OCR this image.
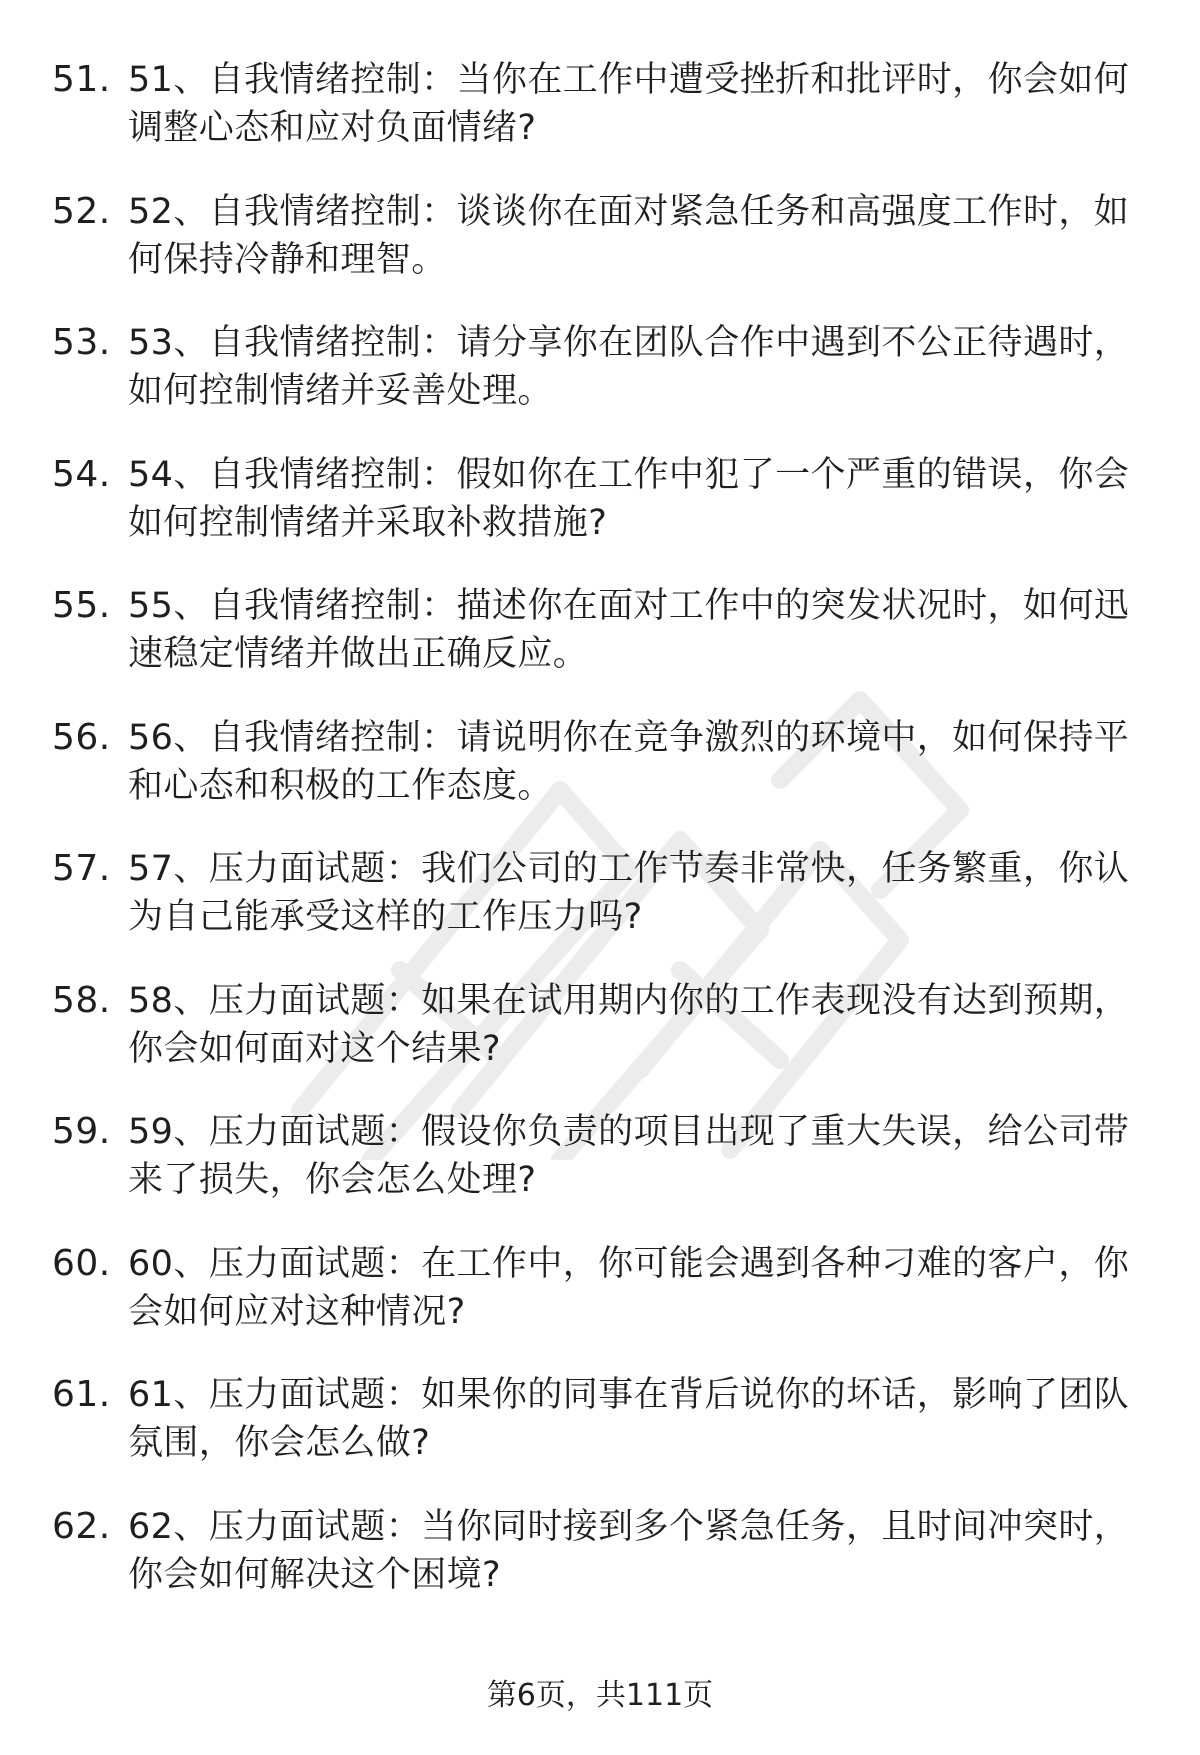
51. 51、自我情绪控制：当你在工作中遭受挫折和批评时，你会如何调整心态和应对负面情绪?
52. 52、自我情绪控制：谈谈你在面对紧急任务和高强度工作时，如何保持冷静和理智。
53. 53、自我情绪控制：请分享你在团队合作中遇到不公正待遇时，如何控制情绪并妥善处理。
54. 54、自我情绪控制：假如你在工作中犯了一个严重的错误，你会如何控制情绪并采取补救措施?
55. 55、自我情绪控制：描述你在面对工作中的突发状况时，如何迅速稳定情绪并做出正确反应。
56. 56、自我情绪控制：请说明你在竞争激烈的环境中，如何保持平和心态和积极的工作态度。
57. 57、压力面试题：我们公司的工作节奏非常快，任务繁重，你认为自己能承受这样的工作压力吗?
58. 58、压力面试题：如果在试用期内你的工作表现没有达到预期，你会如何面对这个结果?
59. 59、压力面试题：假设你负责的项目出现了重大失误，给公司带来了损失，你会怎么处理?
60. 60、压力面试题：在工作中，你可能会遇到各种刁难的客户，你会如何应对这种情况?
61. 61、压力面试题：如果你的同事在背后说你的坏话，影响了团队氛围，你会怎么做?
62. 62、压力面试题：当你同时接到多个紧急任务，且时间冲突时，你会如何解决这个困境?
第6页，共111页
